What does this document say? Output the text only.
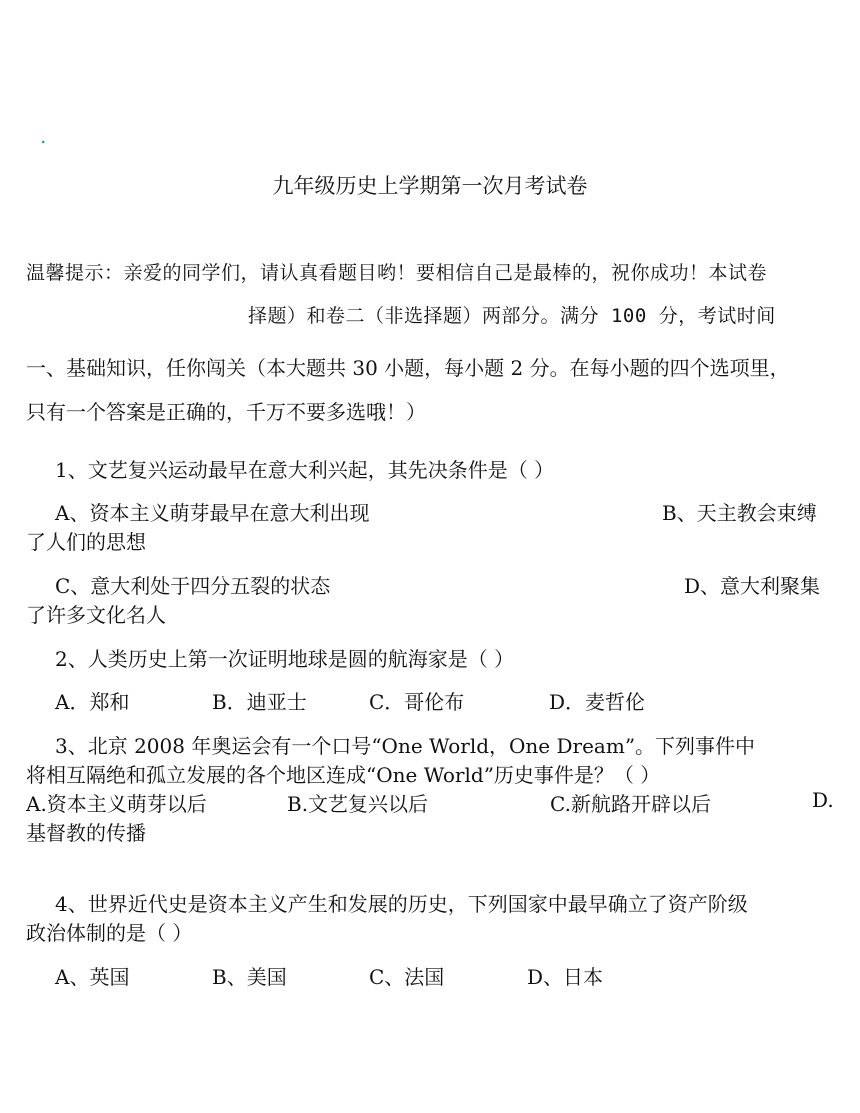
.
九年级历史上学期第一次月考试卷
温馨提示：亲爱的同学们，请认真看题目哟！要相信自己是最棒的，祝你成功！本试卷
择题）和卷二（非选择题）两部分。满分 100 分，考试时间
一、基础知识，任你闯关（本大题共 30 小题，每小题 2 分。在每小题的四个选项里，
只有一个答案是正确的，千万不要多选哦！）
1、文艺复兴运动最早在意大利兴起，其先决条件是（ ）
A、资本主义萌芽最早在意大利出现	B、天主教会束缚
了人们的思想
C、意大利处于四分五裂的状态	D、意大利聚集
了许多文化名人
2、人类历史上第一次证明地球是圆的航海家是（ ）
A．郑和	B．迪亚士	C．哥伦布	D．麦哲伦
3、北京 2008 年奥运会有一个口号“One World，One Dream”。下列事件中
将相互隔绝和孤立发展的各个地区连成“One World”历史事件是？（ ）
A.资本主义萌芽以后	B.文艺复兴以后	C.新航路开辟以后	D.
基督教的传播
4、世界近代史是资本主义产生和发展的历史，下列国家中最早确立了资产阶级
政治体制的是（ ）
A、英国	B、美国	C、法国	D、日本
